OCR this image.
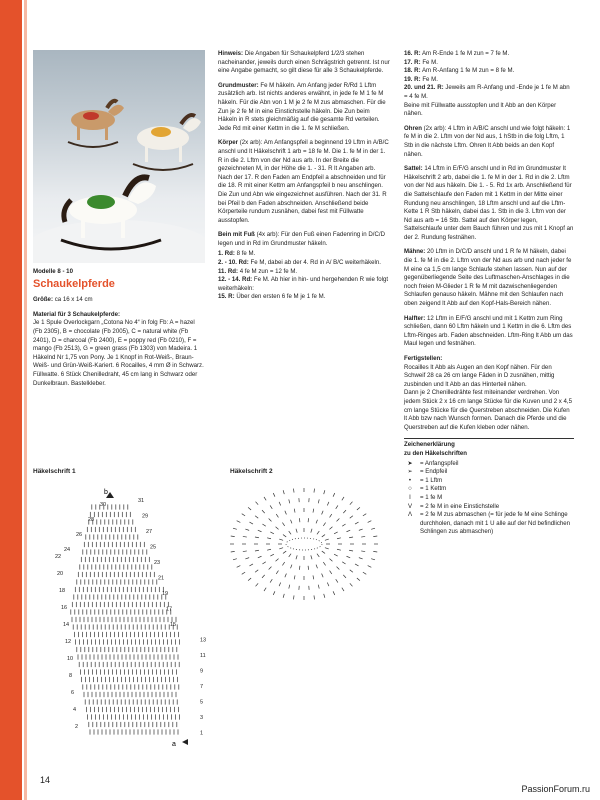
Modelle 8 - 10
Schaukelpferde

Größe: ca 16 x 14 cm

Material für 3 Schaukelpferde:
Je 1 Spule Overlockgarn „Cotona No 4“ in folg Fb: A = hazel (Fb 2305), B = chocolate (Fb 2005), C = natural white (Fb 2401), D = charcoal (Fb 2400), E = poppy red (Fb 0210), F = mango (Fb 2513), G = green grass (Fb 1303) von Madeira. 1 Häkelnd Nr 1,75 von Pony. Je 1 Knopf in Rot-Weiß-, Braun-Weiß- und Grün-Weiß-Kariert. 6 Rocailles, 4 mm Ø in Schwarz. Füllwatte. 6 Stück Chenilledraht, 45 cm lang in Schwarz oder Dunkelbraun. Bastelkleber.

Hinweis: Die Angaben für Schaukelpferd 1/2/3 stehen nacheinander, jeweils durch einen Schrägstrich getrennt. Ist nur eine Angabe gemacht, so gilt diese für alle 3 Schaukelpferde.

Grundmuster: Fe M häkeln. Am Anfang jeder R/Rd 1 Lftm zusätzlich arb. Ist nichts anderes erwähnt, in jede fe M 1 fe M häkeln. Für die Abn von 1 M je 2 fe M zus abmaschen. Für die Zun je 2 fe M in eine Einstichstelle häkeln. Die Zun beim Häkeln in R stets gleichmäßig auf die gesamte Rd verteilen. Jede Rd mit einer Kettm in die 1. fe M schließen.

Körper (2x arb): Am Anfangspfeil a beginnend 19 Lftm in A/B/C anschl und lt Häkelschrift 1 arb = 18 fe M. Die 1. fe M in der 1. R in die 2. Lftm von der Nd aus arb. In der Breite die gezeichneten M, in der Höhe die 1. - 31. R lt Angaben arb. Nach der 17. R den Faden am Endpfeil a abschneiden und für die 18. R mit einer Kettm am Anfangspfeil b neu anschlingen. Die Zun und Abn wie eingezeichnet ausführen. Nach der 31. R bei Pfeil b den Faden abschneiden. Anschließend beide Körperteile rundum zusnähen, dabei fest mit Füllwatte ausstopfen.

Bein mit Fuß (4x arb): Für den Fuß einen Fadenring in D/C/D legen und in Rd im Grundmuster häkeln.

1. Rd: 8 fe M.
2. - 10. Rd: Fe M, dabei ab der 4. Rd in A/ B/C weiterhäkeln.
11. Rd: 4 fe M zun = 12 fe M.
12. - 14. Rd: Fe M. Ab hier in hin- und hergehenden R wie folgt weiterhäkeln:
15. R: Über den ersten 6 fe M je 1 fe M.
16. R: Am R-Ende 1 fe M zun = 7 fe M.
17. R: Fe M.
18. R: Am R-Anfang 1 fe M zun = 8 fe M.
19. R: Fe M.
20. und 21. R: Jeweils am R-Anfang und -Ende je 1 fe M abn = 4 fe M.

Beine mit Füllwatte ausstopfen und lt Abb an den Körper nähen.

Ohren (2x arb): 4 Lftm in A/B/C anschl und wie folgt häkeln: 1 fe M in die 2. Lftm von der Nd aus, 1 hStb in die folg Lftm, 1 Stb in die nächste Lftm. Ohren lt Abb beids an den Kopf nähen.

Sattel: 14 Lftm in E/F/G anschl und in Rd im Grundmuster lt Häkelschrift 2 arb, dabei die 1. fe M in der 1. Rd in die 2. Lftm von der Nd aus häkeln. Die 1. - 5. Rd 1x arb. Anschließend für die Sattelschlaufe den Faden mit 1 Kettm in der Mitte einer Rundung neu anschlingen, 18 Lftm anschl und auf die Lftm-Kette 1 R Stb häkeln, dabei das 1. Stb in die 3. Lftm von der Nd aus arb = 16 Stb. Sattel auf den Körper legen, Sattelschlaufe unter dem Bauch führen und zus mit 1 Knopf an der 2. Rundung festnähen.

Mähne: 20 Lftm in D/C/D anschl und 1 R fe M häkeln, dabei die 1. fe M in die 2. Lftm von der Nd aus arb und nach jeder fe M eine ca 1,5 cm lange Schlaufe stehen lassen. Nun auf der gegenüberliegende Seite des Luftmaschen-Anschlages in die noch freien M-Glieder 1 R fe M mit dazwischenliegenden Schlaufen genauso häkeln. Mähne mit den Schlaufen nach oben zeigend lt Abb auf den Kopf-Hals-Bereich nähen.

Halfter: 12 Lftm in E/F/G anschl und mit 1 Kettm zum Ring schließen, dann 60 Lftm häkeln und 1 Kettm in die 6. Lftm des Lftm-Ringes arb. Faden abschneiden. Lftm-Ring lt Abb um das Maul legen und festnähen.

Fertigstellen:
Rocailles lt Abb als Augen an den Kopf nähen. Für den Schweif 28 ca 26 cm lange Fäden in D zusnähen, mittig zusbinden und lt Abb an das Hinterteil nähen.

Dann je 2 Chenilledrähte fest miteinander verdrehen. Von jedem Stück 2 x 16 cm lange Stücke für die Kuven und 2 x 4,5 cm lange Stücke für die Querstreben abschneiden. Die Kufen lt Abb bzw nach Wunsch formen. Danach die Pferde und die Querstreben auf die Kufen kleben oder nähen.

Zeichenerklärung
zu den Häkelschriften
➤	= Anfangspfeil
➢	= Endpfeil
•	= 1 Lftm
○	= 1 Kettm
I	= 1 fe M
V	= 2 fe M in eine Einstichstelle
Λ	= 2 fe M zus abmaschen (= für jede fe M eine Schlinge durchholen, danach mit 1 U alle auf der Nd befindlichen Schlingen zus abmaschen)
Häkelschrift 1	Häkelschrift 2
22
20
18
16
14
12
10
8
6
4
2
31
29
27
25
23
21
19
17
15
13
11
9
7
5
3
1
30
28
26
24
b
a
14
PassionForum.ru
